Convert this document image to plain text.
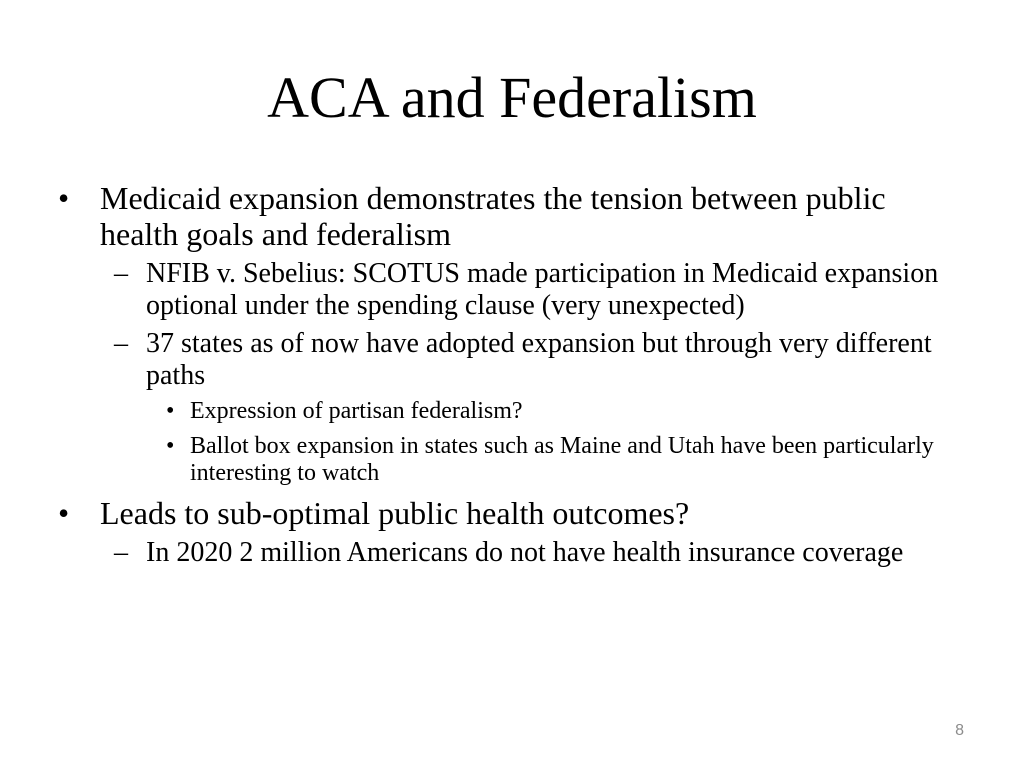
ACA and Federalism
• Medicaid expansion demonstrates the tension between public health goals and federalism
– NFIB v. Sebelius: SCOTUS made participation in Medicaid expansion optional under the spending clause (very unexpected)
– 37 states as of now have adopted expansion but through very different paths
• Expression of partisan federalism?
• Ballot box expansion in states such as Maine and Utah have been particularly interesting to watch
• Leads to sub-optimal public health outcomes?
– In 2020 2 million Americans do not have health insurance coverage
8
